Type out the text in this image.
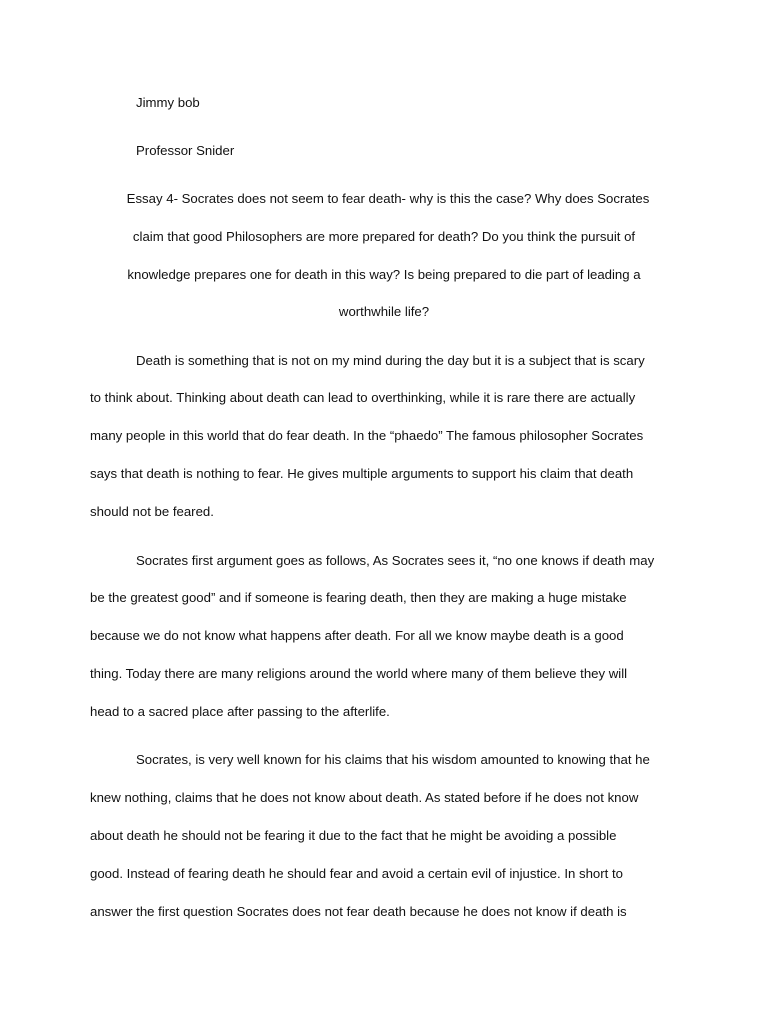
Jimmy bob

Professor Snider

Essay 4- Socrates does not seem to fear death- why is this the case? Why does Socrates

claim that good Philosophers are more prepared for death? Do you think the pursuit of

knowledge prepares one for death in this way? Is being prepared to die part of leading a

worthwhile life?

Death is something that is not on my mind during the day but it is a subject that is scary

to think about. Thinking about death can lead to overthinking, while it is rare there are actually

many people in this world that do fear death. In the “phaedo” The famous philosopher Socrates

says that death is nothing to fear. He gives multiple arguments to support his claim that death

should not be feared.

Socrates first argument goes as follows, As Socrates sees it, “no one knows if death may

be the greatest good” and if someone is fearing death, then they are making a huge mistake

because we do not know what happens after death. For all we know maybe death is a good

thing. Today there are many religions around the world where many of them believe they will

head to a sacred place after passing to the afterlife.

Socrates, is very well known for his claims that his wisdom amounted to knowing that he

knew nothing, claims that he does not know about death. As stated before if he does not know

about death he should not be fearing it due to the fact that he might be avoiding a possible

good. Instead of fearing death he should fear and avoid a certain evil of injustice. In short to

answer the first question Socrates does not fear death because he does not know if death is
